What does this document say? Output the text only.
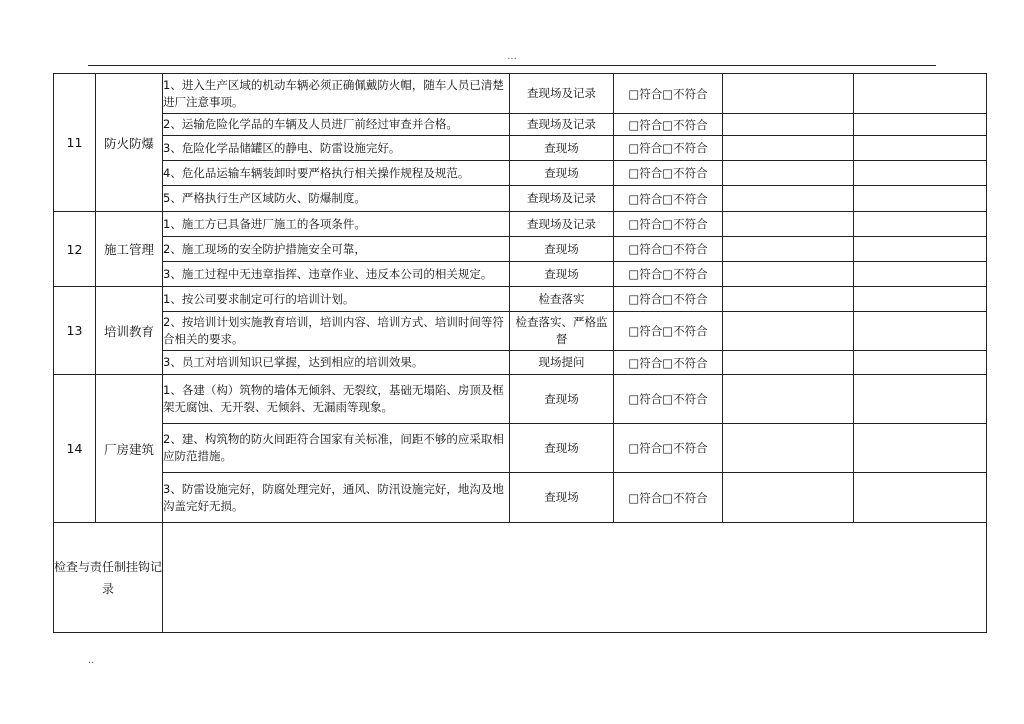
...
11	防火防爆	1、进入生产区域的机动车辆必须正确佩戴防火帽，随车人员已清楚进厂注意事项。	查现场及记录	□符合□不符合		
		2、运输危险化学品的车辆及人员进厂前经过审查并合格。	查现场及记录	□符合□不符合		
		3、危险化学品储罐区的静电、防雷设施完好。	查现场	□符合□不符合		
		4、危化品运输车辆装卸时要严格执行相关操作规程及规范。	查现场	□符合□不符合		
		5、严格执行生产区域防火、防爆制度。	查现场及记录	□符合□不符合		
12	施工管理	1、施工方已具备进厂施工的各项条件。	查现场及记录	□符合□不符合		
		2、施工现场的安全防护措施安全可靠，	查现场	□符合□不符合		
		3、施工过程中无违章指挥、违章作业、违反本公司的相关规定。	查现场	□符合□不符合		
13	培训教育	1、按公司要求制定可行的培训计划。	检查落实	□符合□不符合		
		2、按培训计划实施教育培训，培训内容、培训方式、培训时间等符合相关的要求。	检查落实、严格监督	□符合□不符合		
		3、员工对培训知识已掌握，达到相应的培训效果。	现场提问	□符合□不符合		
14	厂房建筑	1、各建（构）筑物的墙体无倾斜、无裂纹，基础无塌陷、房顶及框架无腐蚀、无开裂、无倾斜、无漏雨等现象。	查现场	□符合□不符合		
		2、建、构筑物的防火间距符合国家有关标准，间距不够的应采取相应防范措施。	查现场	□符合□不符合		
		3、防雷设施完好，防腐处理完好，通风、防汛设施完好，地沟及地沟盖完好无损。	查现场	□符合□不符合		
检查与责任制挂钩记录						
..
